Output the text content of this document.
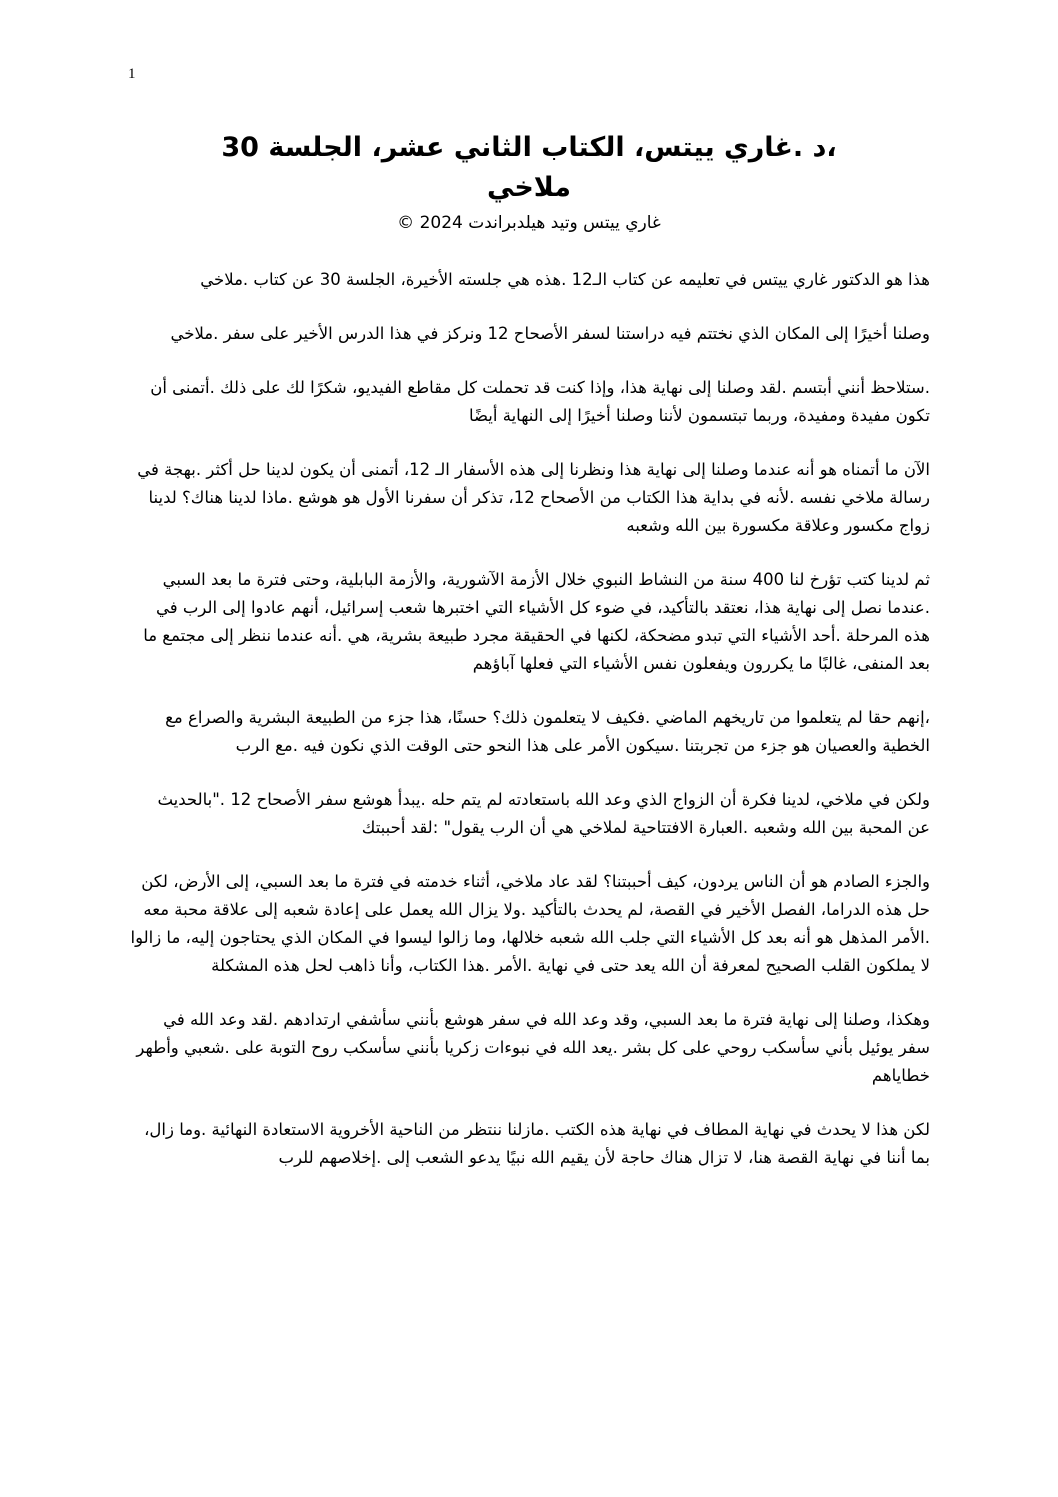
1
،د .غاري ييتس، الكتاب الثاني عشر، الجلسة 30
ملاخي
غاري ييتس وتيد هيلدبراندت 2024 ©

هذا هو الدكتور غاري ييتس في تعليمه عن كتاب الـ12 .هذه هي جلسته الأخيرة، الجلسة 30 عن كتاب .ملاخي

وصلنا أخيرًا إلى المكان الذي نختتم فيه دراستنا لسفر الأصحاح 12 ونركز في هذا الدرس الأخير على سفر .ملاخي

.ستلاحظ أنني أبتسم .لقد وصلنا إلى نهاية هذا، وإذا كنت قد تحملت كل مقاطع الفيديو، شكرًا لك على ذلك .أتمنى أن تكون مفيدة ومفيدة، وربما تبتسمون لأننا وصلنا أخيرًا إلى النهاية أيضًا

الآن ما أتمناه هو أنه عندما وصلنا إلى نهاية هذا ونظرنا إلى هذه الأسفار الـ 12، أتمنى أن يكون لدينا حل أكثر .بهجة في رسالة ملاخي نفسه .لأنه في بداية هذا الكتاب من الأصحاح 12، تذكر أن سفرنا الأول هو هوشع .ماذا لدينا هناك؟ لدينا زواج مكسور وعلاقة مكسورة بين الله وشعبه

ثم لدينا كتب تؤرخ لنا 400 سنة من النشاط النبوي خلال الأزمة الآشورية، والأزمة البابلية، وحتى فترة ما بعد السبي .عندما نصل إلى نهاية هذا، نعتقد بالتأكيد، في ضوء كل الأشياء التي اختبرها شعب إسرائيل، أنهم عادوا إلى الرب في هذه المرحلة .أحد الأشياء التي تبدو مضحكة، لكنها في الحقيقة مجرد طبيعة بشرية، هي .أنه عندما ننظر إلى مجتمع ما بعد المنفى، غالبًا ما يكررون ويفعلون نفس الأشياء التي فعلها آباؤهم

،إنهم حقا لم يتعلموا من تاريخهم الماضي .فكيف لا يتعلمون ذلك؟ حسنًا، هذا جزء من الطبيعة البشرية والصراع مع الخطية والعصيان هو جزء من تجربتنا .سيكون الأمر على هذا النحو حتى الوقت الذي نكون فيه .مع الرب

ولكن في ملاخي، لدينا فكرة أن الزواج الذي وعد الله باستعادته لم يتم حله .يبدأ هوشع سفر الأصحاح 12 ."بالحديث عن المحبة بين الله وشعبه .العبارة الافتتاحية لملاخي هي أن الرب يقول" :لقد أحببتك

والجزء الصادم هو أن الناس يردون، كيف أحببتنا؟ لقد عاد ملاخي، أثناء خدمته في فترة ما بعد السبي، إلى الأرض، لكن حل هذه الدراما، الفصل الأخير في القصة، لم يحدث بالتأكيد .ولا يزال الله يعمل على إعادة شعبه إلى علاقة محبة معه .الأمر المذهل هو أنه بعد كل الأشياء التي جلب الله شعبه خلالها، وما زالوا ليسوا في المكان الذي يحتاجون إليه، ما زالوا لا يملكون القلب الصحيح لمعرفة أن الله يعد حتى في نهاية .الأمر .هذا الكتاب، وأنا ذاهب لحل هذه المشكلة

وهكذا، وصلنا إلى نهاية فترة ما بعد السبي، وقد وعد الله في سفر هوشع بأنني سأشفي ارتدادهم .لقد وعد الله في سفر يوئيل بأني سأسكب روحي على كل بشر .يعد الله في نبوءات زكريا بأنني سأسكب روح التوبة على .شعبي وأطهر خطاياهم

لكن هذا لا يحدث في نهاية المطاف في نهاية هذه الكتب .مازلنا ننتظر من الناحية الأخروية الاستعادة النهائية .وما زال، بما أننا في نهاية القصة هنا، لا تزال هناك حاجة لأن يقيم الله نبيًا يدعو الشعب إلى .إخلاصهم للرب
